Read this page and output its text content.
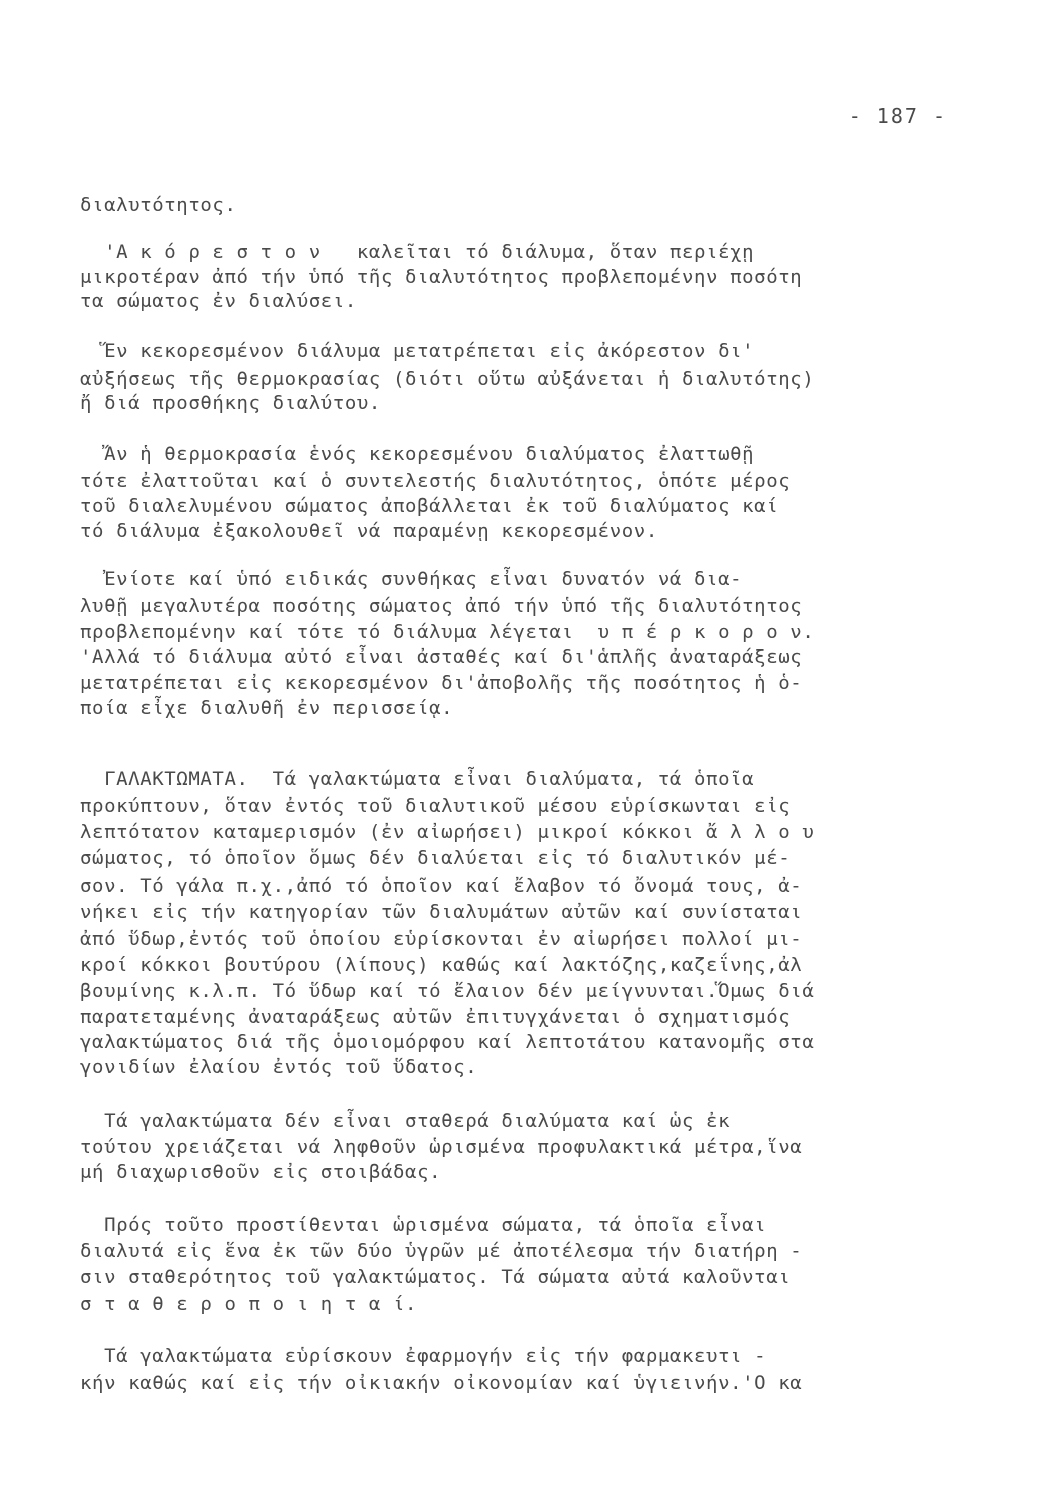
- 187 -
διαλυτότητος.
'Α κ ό ρ ε σ τ ο ν   καλεῖται τό διάλυμα, ὅταν περιέχῃ
μικροτέραν ἀπό τήν ὑπό τῆς διαλυτότητος προβλεπομένην ποσότη
τα σώματος ἐν διαλύσει.
Ἕν κεκορεσμένον διάλυμα μετατρέπεται εἰς ἀκόρεστον δι'
αὐξήσεως τῆς θερμοκρασίας (διότι οὕτω αὐξάνεται ἡ διαλυτότης)
ἤ διά προσθήκης διαλύτου.
Ἄν ἡ θερμοκρασία ἑνός κεκορεσμένου διαλύματος ἐλαττωθῇ
τότε ἐλαττοῦται καί ὁ συντελεστής διαλυτότητος, ὁπότε μέρος
τοῦ διαλελυμένου σώματος ἀποβάλλεται ἐκ τοῦ διαλύματος καί
τό διάλυμα ἐξακολουθεῖ νά παραμένῃ κεκορεσμένον.
Ἐνίοτε καί ὑπό ειδικάς συνθήκας εἶναι δυνατόν νά δια-
λυθῇ μεγαλυτέρα ποσότης σώματος ἀπό τήν ὑπό τῆς διαλυτότητος
προβλεπομένην καί τότε τό διάλυμα λέγεται  υ π έ ρ κ ο ρ ο ν.
'Αλλά τό διάλυμα αὐτό εἶναι ἀσταθές καί δι'ἁπλῆς ἀναταράξεως
μετατρέπεται εἰς κεκορεσμένον δι'ἀποβολῆς τῆς ποσότητος ἡ ὁ-
ποία εἶχε διαλυθῆ ἐν περισσείᾳ.
ΓΑΛΑΚΤΩΜΑΤΑ.  Τά γαλακτώματα εἶναι διαλύματα, τά ὁποῖα
προκύπτουν, ὅταν ἐντός τοῦ διαλυτικοῦ μέσου εὑρίσκωνται εἰς
λεπτότατον καταμερισμόν (ἐν αἰωρήσει) μικροί κόκκοι ἄ λ λ ο υ
σώματος, τό ὁποῖον ὅμως δέν διαλύεται εἰς τό διαλυτικόν μέ-
σον. Τό γάλα π.χ.,ἀπό τό ὁποῖον καί ἔλαβον τό ὄνομά τους, ἀ-
νήκει εἰς τήν κατηγορίαν τῶν διαλυμάτων αὐτῶν καί συνίσταται
ἀπό ὕδωρ,ἐντός τοῦ ὁποίου εὑρίσκονται ἐν αἰωρήσει πολλοί μι-
κροί κόκκοι βουτύρου (λίπους) καθώς καί λακτόζης,καζεΐνης,ἀλ
βουμίνης κ.λ.π. Τό ὕδωρ καί τό ἔλαιον δέν μείγνυνται.Ὅμως διά
παρατεταμένης ἀναταράξεως αὐτῶν ἐπιτυγχάνεται ὁ σχηματισμός
γαλακτώματος διά τῆς ὁμοιομόρφου καί λεπτοτάτου κατανομῆς στα
γονιδίων ἐλαίου ἐντός τοῦ ὕδατος.
Τά γαλακτώματα δέν εἶναι σταθερά διαλύματα καί ὡς ἐκ
τούτου χρειάζεται νά ληφθοῦν ὡρισμένα προφυλακτικά μέτρα,ἵνα
μή διαχωρισθοῦν εἰς στοιβάδας.
Πρός τοῦτο προστίθενται ὡρισμένα σώματα, τά ὁποῖα εἶναι
διαλυτά εἰς ἕνα ἐκ τῶν δύο ὑγρῶν μέ ἀποτέλεσμα τήν διατήρη -
σιν σταθερότητος τοῦ γαλακτώματος. Τά σώματα αὐτά καλοῦνται
σ τ α θ ε ρ ο π ο ι η τ α ί.
Τά γαλακτώματα εὑρίσκουν ἐφαρμογήν εἰς τήν φαρμακευτι -
κήν καθώς καί εἰς τήν οἰκιακήν οἰκονομίαν καί ὑγιεινήν.'Ο κα
